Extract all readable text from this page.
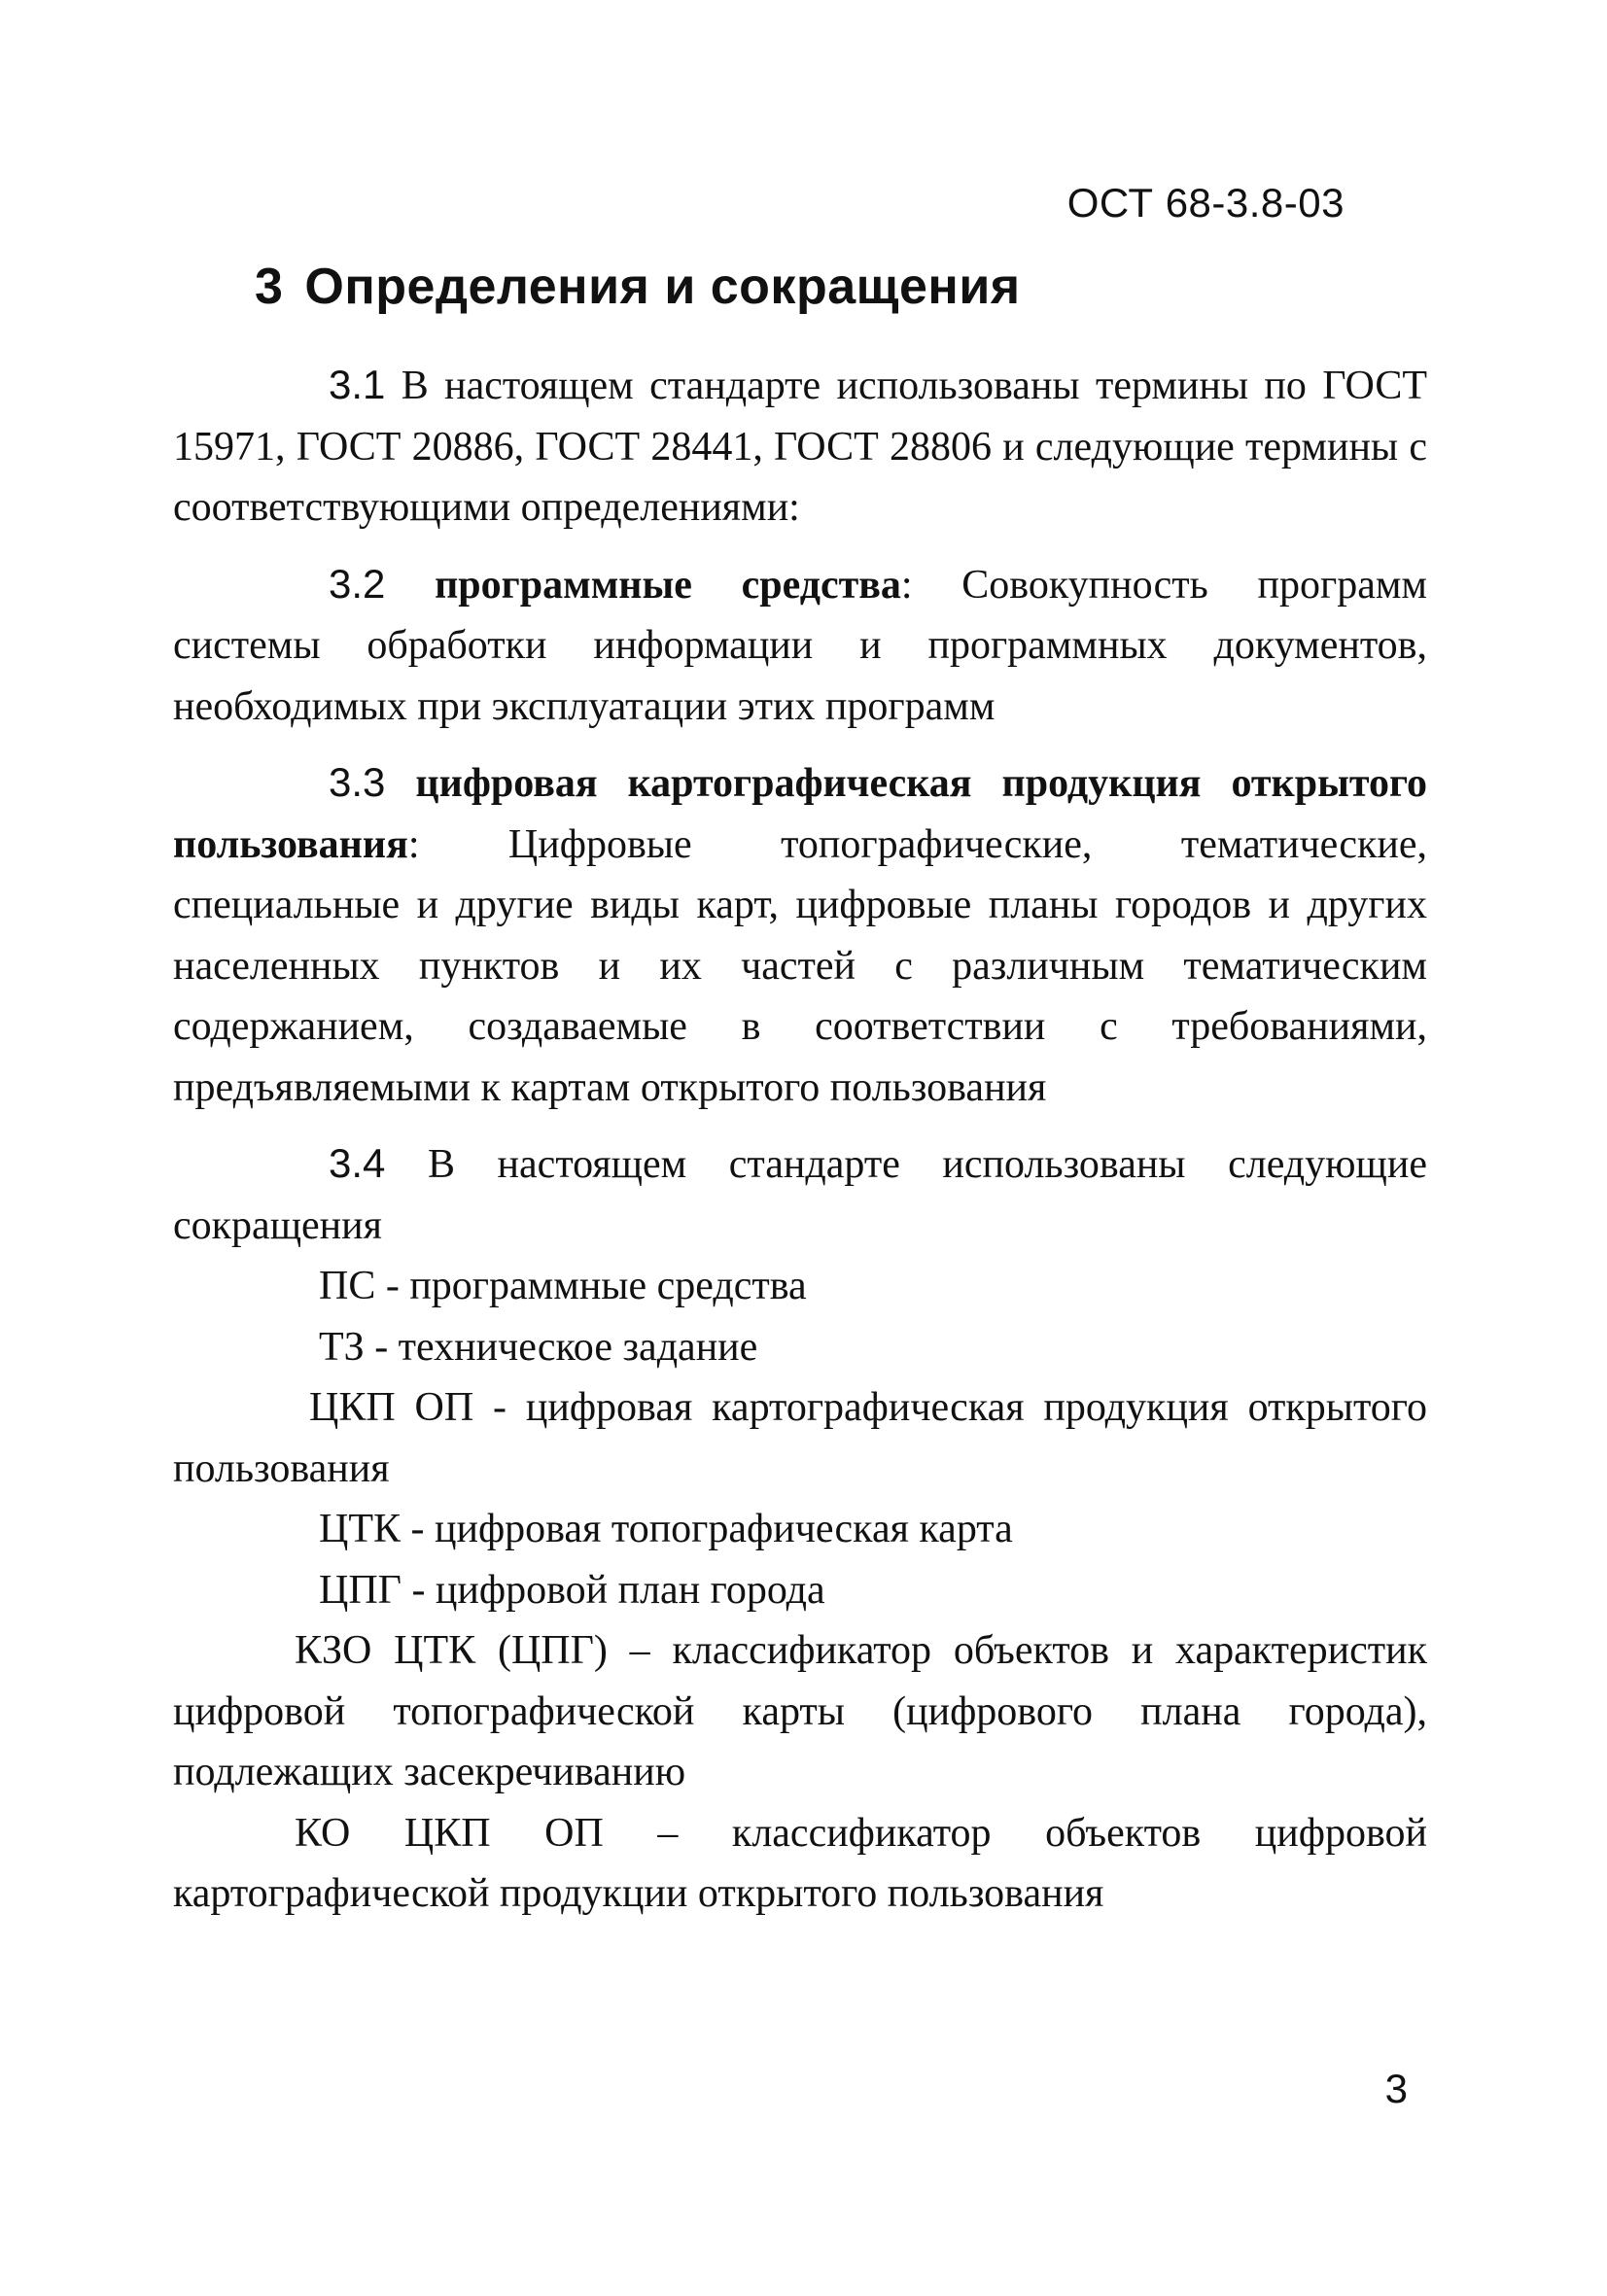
ОСТ 68-3.8-03
3 Определения и сокращения

3.1 В настоящем стандарте использованы термины по ГОСТ 15971, ГОСТ 20886, ГОСТ 28441, ГОСТ 28806 и следующие термины с соответствующими определениями:

3.2 программные средства: Совокупность программ системы обработки информации и программных документов, необходимых при эксплуатации этих программ

3.3 цифровая картографическая продукция открытого пользования: Цифровые топографические, тематические, специальные и другие виды карт, цифровые планы городов и других населенных пунктов и их частей с различным тематическим содержанием, создаваемые в соответствии с требованиями, предъявляемыми к картам открытого пользования

3.4 В настоящем стандарте использованы следующие сокращения

ПС - программные средства

ТЗ - техническое задание

ЦКП ОП - цифровая картографическая продукция открытого пользования

ЦТК - цифровая топографическая карта

ЦПГ - цифровой план города

КЗО ЦТК (ЦПГ) – классификатор объектов и характеристик цифровой топографической карты (цифрового плана города), подлежащих засекречиванию

КО ЦКП ОП – классификатор объектов цифровой картографической продукции открытого пользования

3
